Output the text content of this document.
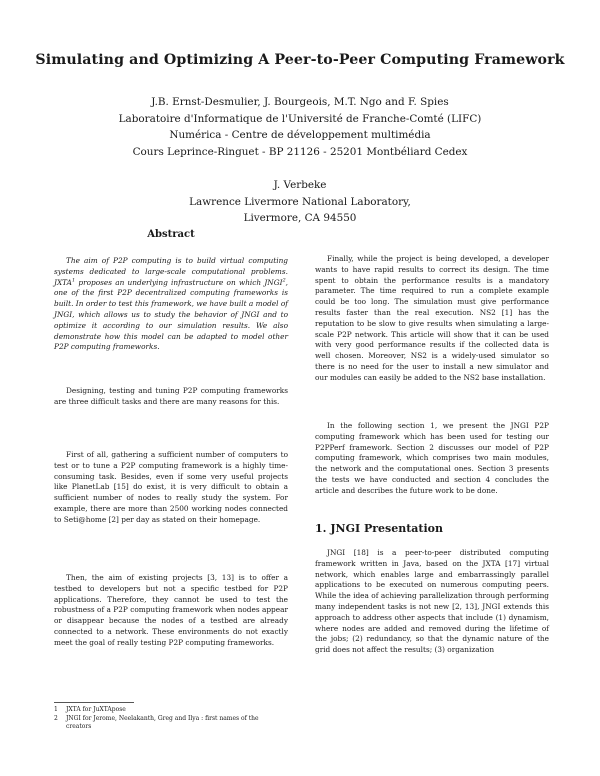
Simulating and Optimizing A Peer-to-Peer Computing Framework
J.B. Ernst-Desmulier, J. Bourgeois, M.T. Ngo and F. Spies
Laboratoire d'Informatique de l'Université de Franche-Comté (LIFC)
Numérica - Centre de développement multimédia
Cours Leprince-Ringuet - BP 21126 - 25201 Montbéliard Cedex
J. Verbeke
Lawrence Livermore National Laboratory,
Livermore, CA 94550

Abstract

The aim of P2P computing is to build virtual computing systems dedicated to large-scale computational problems. JXTA$^1$ proposes an underlying infrastructure on which JNGI$^2$, one of the first P2P decentralized computing frameworks is built. In order to test this framework, we have built a model of JNGI, which allows us to study the behavior of JNGI and to optimize it according to our simulation results. We also demonstrate how this model can be adapted to model other P2P computing frameworks.

Designing, testing and tuning P2P computing frameworks are three difficult tasks and there are many reasons for this.

First of all, gathering a sufficient number of computers to test or to tune a P2P computing framework is a highly time-consuming task. Besides, even if some very useful projects like PlanetLab [15] do exist, it is very difficult to obtain a sufficient number of nodes to really study the system. For example, there are more than 2500 working nodes connected to Seti@home [2] per day as stated on their homepage.

Then, the aim of existing projects [3, 13] is to offer a testbed to developers but not a specific testbed for P2P applications. Therefore, they cannot be used to test the robustness of a P2P computing framework when nodes appear or disappear because the nodes of a testbed are already connected to a network. These environments do not exactly meet the goal of really testing P2P computing frameworks.

1 JXTA for JuXTApose
2 JNGI for Jerome, Neelakanth, Greg and Ilya : first names of the creators

Finally, while the project is being developed, a developer wants to have rapid results to correct its design. The time spent to obtain the performance results is a mandatory parameter. The time required to run a complete example could be too long. The simulation must give performance results faster than the real execution. NS2 [1] has the reputation to be slow to give results when simulating a large-scale P2P network. This article will show that it can be used with very good performance results if the collected data is well chosen. Moreover, NS2 is a widely-used simulator so there is no need for the user to install a new simulator and our modules can easily be added to the NS2 base installation.

In the following section 1, we present the JNGI P2P computing framework which has been used for testing our P2PPerf framework. Section 2 discusses our model of P2P computing framework, which comprises two main modules, the network and the computational ones. Section 3 presents the tests we have conducted and section 4 concludes the article and describes the future work to be done.

1. JNGI Presentation

JNGI [18] is a peer-to-peer distributed computing framework written in Java, based on the JXTA [17] virtual network, which enables large and embarrassingly parallel applications to be executed on numerous computing peers. While the idea of achieving parallelization through performing many independent tasks is not new [2, 13], JNGI extends this approach to address other aspects that include (1) dynamism, where nodes are added and removed during the lifetime of the jobs; (2) redundancy, so that the dynamic nature of the grid does not affect the results; (3) organization
